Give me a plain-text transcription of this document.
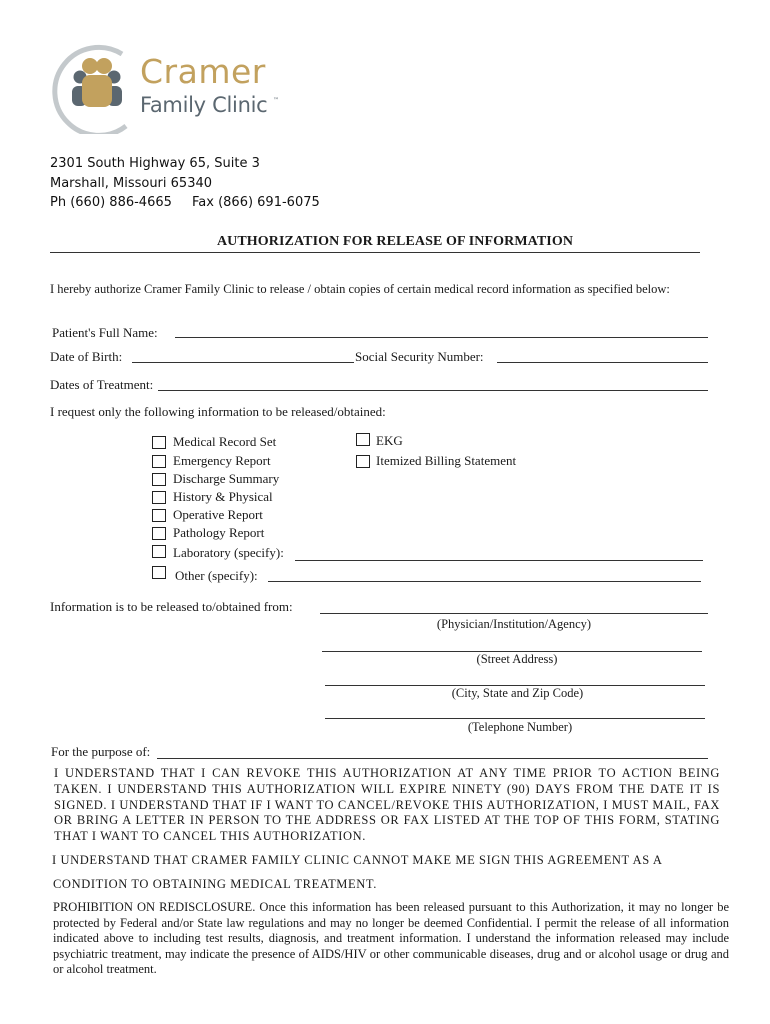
Cramer
Family Clinic ™
2301 South Highway 65, Suite 3
Marshall, Missouri 65340
Ph (660) 886-4665 Fax (866) 691-6075
AUTHORIZATION FOR RELEASE OF INFORMATION
I hereby authorize Cramer Family Clinic to release / obtain copies of certain medical record information as specified below:
Patient's Full Name:
Date of Birth:	Social Security Number:
Dates of Treatment:
I request only the following information to be released/obtained:
Medical Record Set
Emergency Report
Discharge Summary
History & Physical
Operative Report
Pathology Report
Laboratory (specify):
Other (specify):
EKG
Itemized Billing Statement
Information is to be released to/obtained from:
(Physician/Institution/Agency)
(Street Address)
(City, State and Zip Code)
(Telephone Number)
For the purpose of:
I UNDERSTAND THAT I CAN REVOKE THIS AUTHORIZATION AT ANY TIME PRIOR TO ACTION BEING TAKEN. I UNDERSTAND THIS AUTHORIZATION WILL EXPIRE NINETY (90) DAYS FROM THE DATE IT IS SIGNED. I UNDERSTAND THAT IF I WANT TO CANCEL/REVOKE THIS AUTHORIZATION, I MUST MAIL, FAX OR BRING A LETTER IN PERSON TO THE ADDRESS OR FAX LISTED AT THE TOP OF THIS FORM, STATING THAT I WANT TO CANCEL THIS AUTHORIZATION.
I UNDERSTAND THAT CRAMER FAMILY CLINIC CANNOT MAKE ME SIGN THIS AGREEMENT AS A
CONDITION TO OBTAINING MEDICAL TREATMENT.
PROHIBITION ON REDISCLOSURE. Once this information has been released pursuant to this Authorization, it may no longer be protected by Federal and/or State law regulations and may no longer be deemed Confidential. I permit the release of all information indicated above to including test results, diagnosis, and treatment information. I understand the information released may include psychiatric treatment, may indicate the presence of AIDS/HIV or other communicable diseases, drug and or alcohol usage or drug and or alcohol treatment.
